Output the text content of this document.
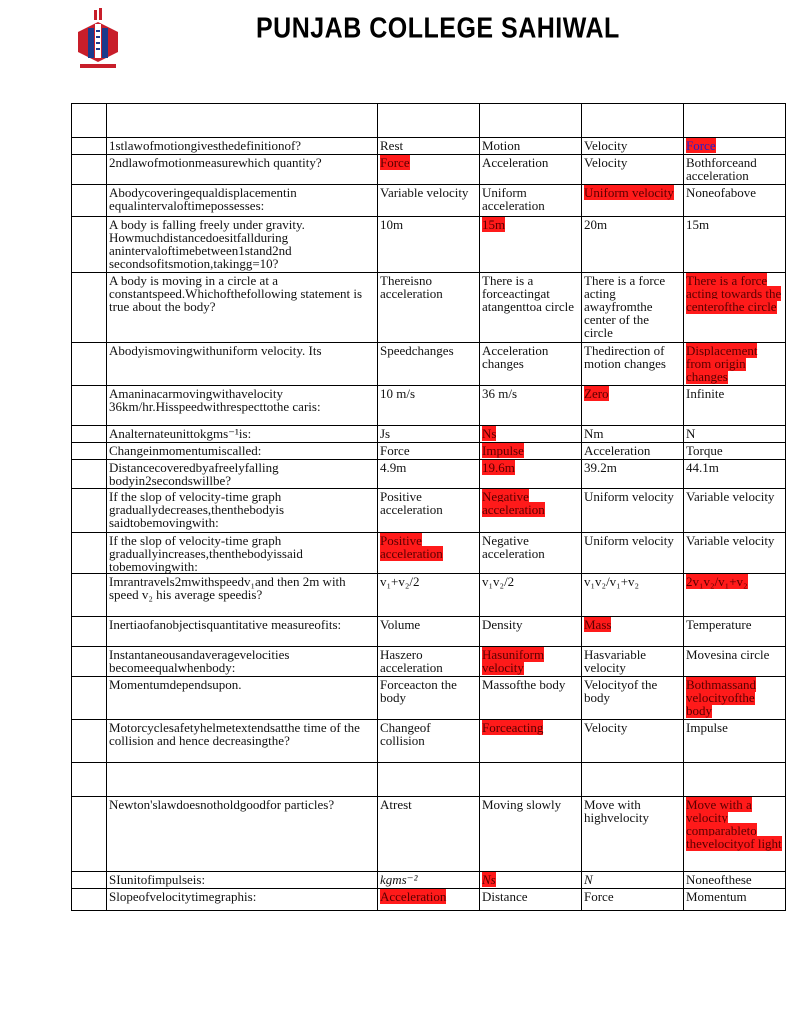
PUNJAB COLLEGE SAHIWAL

	1stlawofmotiongivesthedefinitionof?	Rest	Motion	Velocity	Force
	2ndlawofmotionmeasurewhich quantity?	Force	Acceleration	Velocity	Bothforceand acceleration
	Abodycoveringequaldisplacementin equalintervaloftimepossesses:	Variable velocity	Uniform acceleration	Uniform velocity	Noneofabove
	A body is falling freely under gravity. Howmuchdistancedoesitfallduring anintervaloftimebetween1stand2nd secondsofitsmotion,takingg=10?	10m	15m	20m	15m
	A body is moving in a circle at a constantspeed.Whichofthefollowing statement is true about the body?	Thereisno acceleration	There is a forceactingat atangenttoa circle	There is a force acting awayfromthe center of the circle	There is a force acting towards the centerofthe circle
	Abodyismovingwithuniform velocity. Its	Speedchanges	Acceleration changes	Thedirection of motion changes	Displacement from origin changes
	Amaninacarmovingwithavelocity 36km/hr.Hisspeedwithrespecttothe caris:	10 m/s	36 m/s	Zero	Infinite
	Analternateunittokgms⁻¹is:	Js	Ns	Nm	N
	Changeinmomentumiscalled:	Force	Impulse	Acceleration	Torque
	Distancecoveredbyafreelyfalling bodyin2secondswillbe?	4.9m	19.6m	39.2m	44.1m
	If the slop of velocity-time graph graduallydecreases,thenthebodyis saidtobemovingwith:	Positive acceleration	Negative acceleration	Uniform velocity	Variable velocity
	If the slop of velocity-time graph graduallyincreases,thenthebodyissaid tobemovingwith:	Positive acceleration	Negative acceleration	Uniform velocity	Variable velocity
	Imrantravels2mwithspeedv₁and then 2m with speed v₂ his average speedis?	v₁+v₂/2	v₁v₂/2	v₁v₂/v₁+v₂	2v₁v₂/v₁+v₂
	Inertiaofanobjectisquantitative measureofits:	Volume	Density	Mass	Temperature
	Instantaneousandaveragevelocities becomeequalwhenbody:	Haszero acceleration	Hasuniform velocity	Hasvariable velocity	Movesina circle
	Momentumdependsupon.	Forceacton the body	Massofthe body	Velocityof the body	Bothmassand velocityofthe body
	Motorcyclesafetyhelmetextendsatthe time of the collision and hence decreasingthe?	Changeof collision	Forceacting	Velocity	Impulse

	Newton'slawdoesnotholdgoodfor particles?	Atrest	Moving slowly	Move with highvelocity	Move with a velocity comparableto thevelocityof light
	SIunitofimpulseis:	kgms⁻²	Ns	N	Noneofthese
	Slopeofvelocitytimegraphis:	Acceleration	Distance	Force	Momentum
